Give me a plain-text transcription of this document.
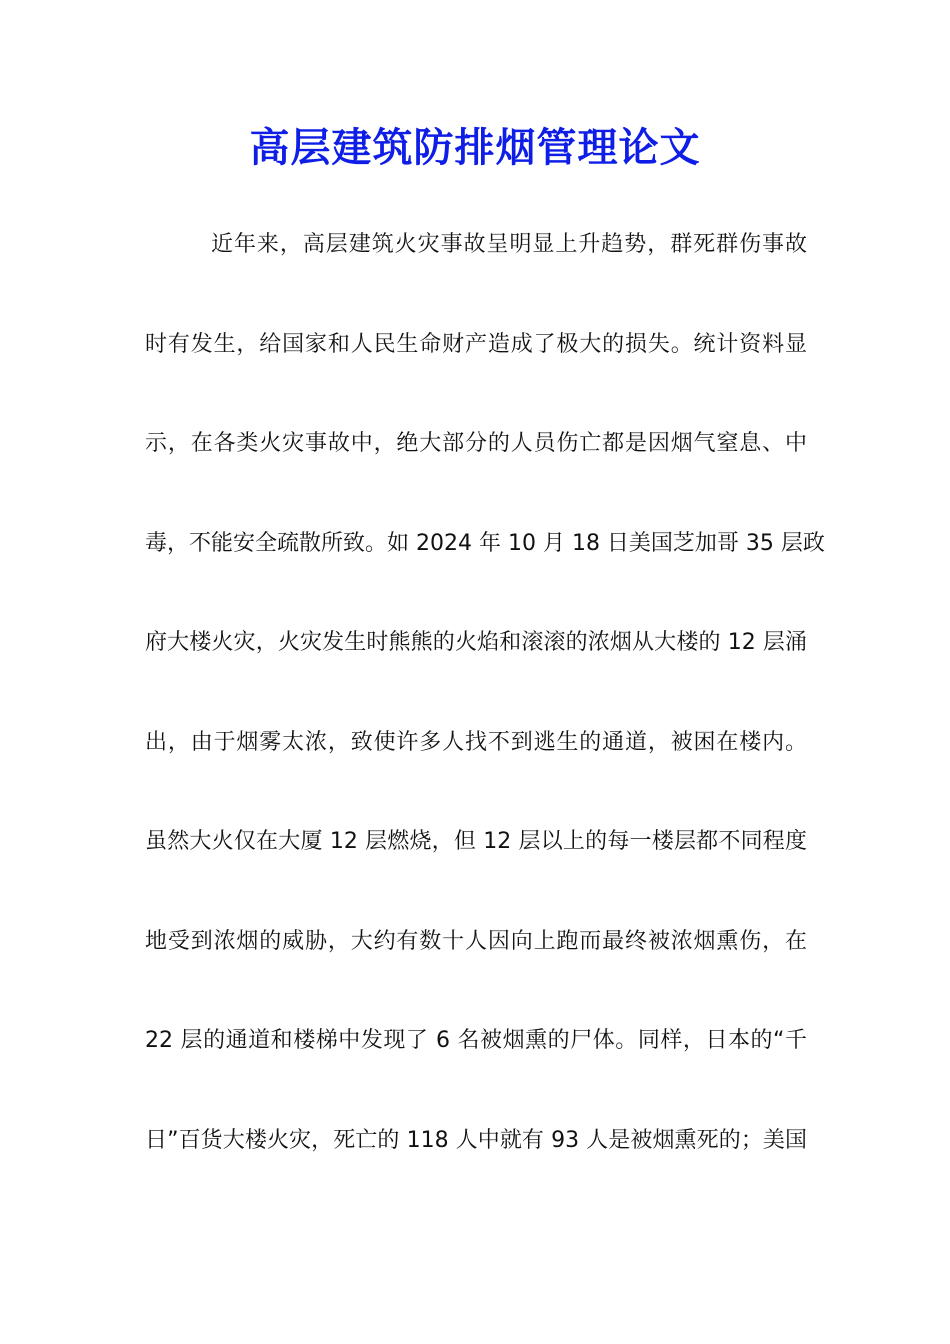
高层建筑防排烟管理论文
近年来，高层建筑火灾事故呈明显上升趋势，群死群伤事故
时有发生，给国家和人民生命财产造成了极大的损失。统计资料显
示，在各类火灾事故中，绝大部分的人员伤亡都是因烟气窒息、中
毒，不能安全疏散所致。如 2024 年 10 月 18 日美国芝加哥 35 层政
府大楼火灾，火灾发生时熊熊的火焰和滚滚的浓烟从大楼的 12 层涌
出，由于烟雾太浓，致使许多人找不到逃生的通道，被困在楼内。
虽然大火仅在大厦 12 层燃烧，但 12 层以上的每一楼层都不同程度
地受到浓烟的威胁，大约有数十人因向上跑而最终被浓烟熏伤，在
22 层的通道和楼梯中发现了 6 名被烟熏的尸体。同样，日本的“千
日”百货大楼火灾，死亡的 118 人中就有 93 人是被烟熏死的；美国
